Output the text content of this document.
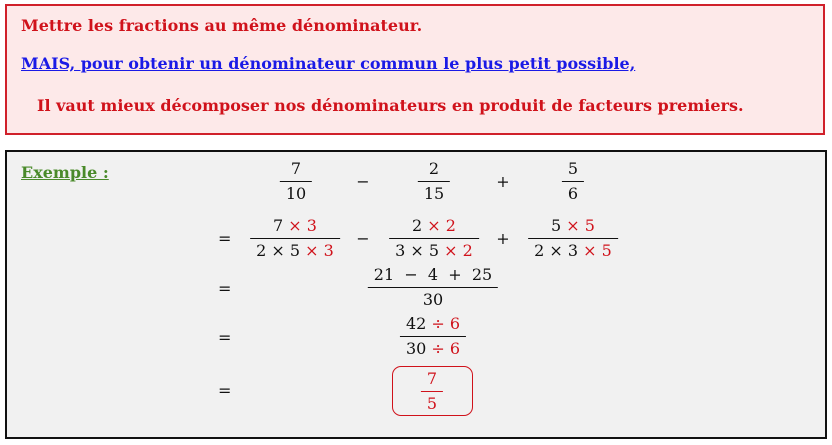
Mettre les fractions au même dénominateur.
MAIS, pour obtenir un dénominateur commun le plus petit possible,
Il vaut mieux décomposer nos dénominateurs en produit de facteurs premiers.
Exemple :	7
10
−
2
15
+
5
6
=
7 × 3
2 × 5 × 3
−
2 × 2
3 × 5 × 2
+
5 × 5
2 × 3 × 5
=
21  −  4  +  25
30
=
42 ÷ 6
30 ÷ 6
=
7
5
